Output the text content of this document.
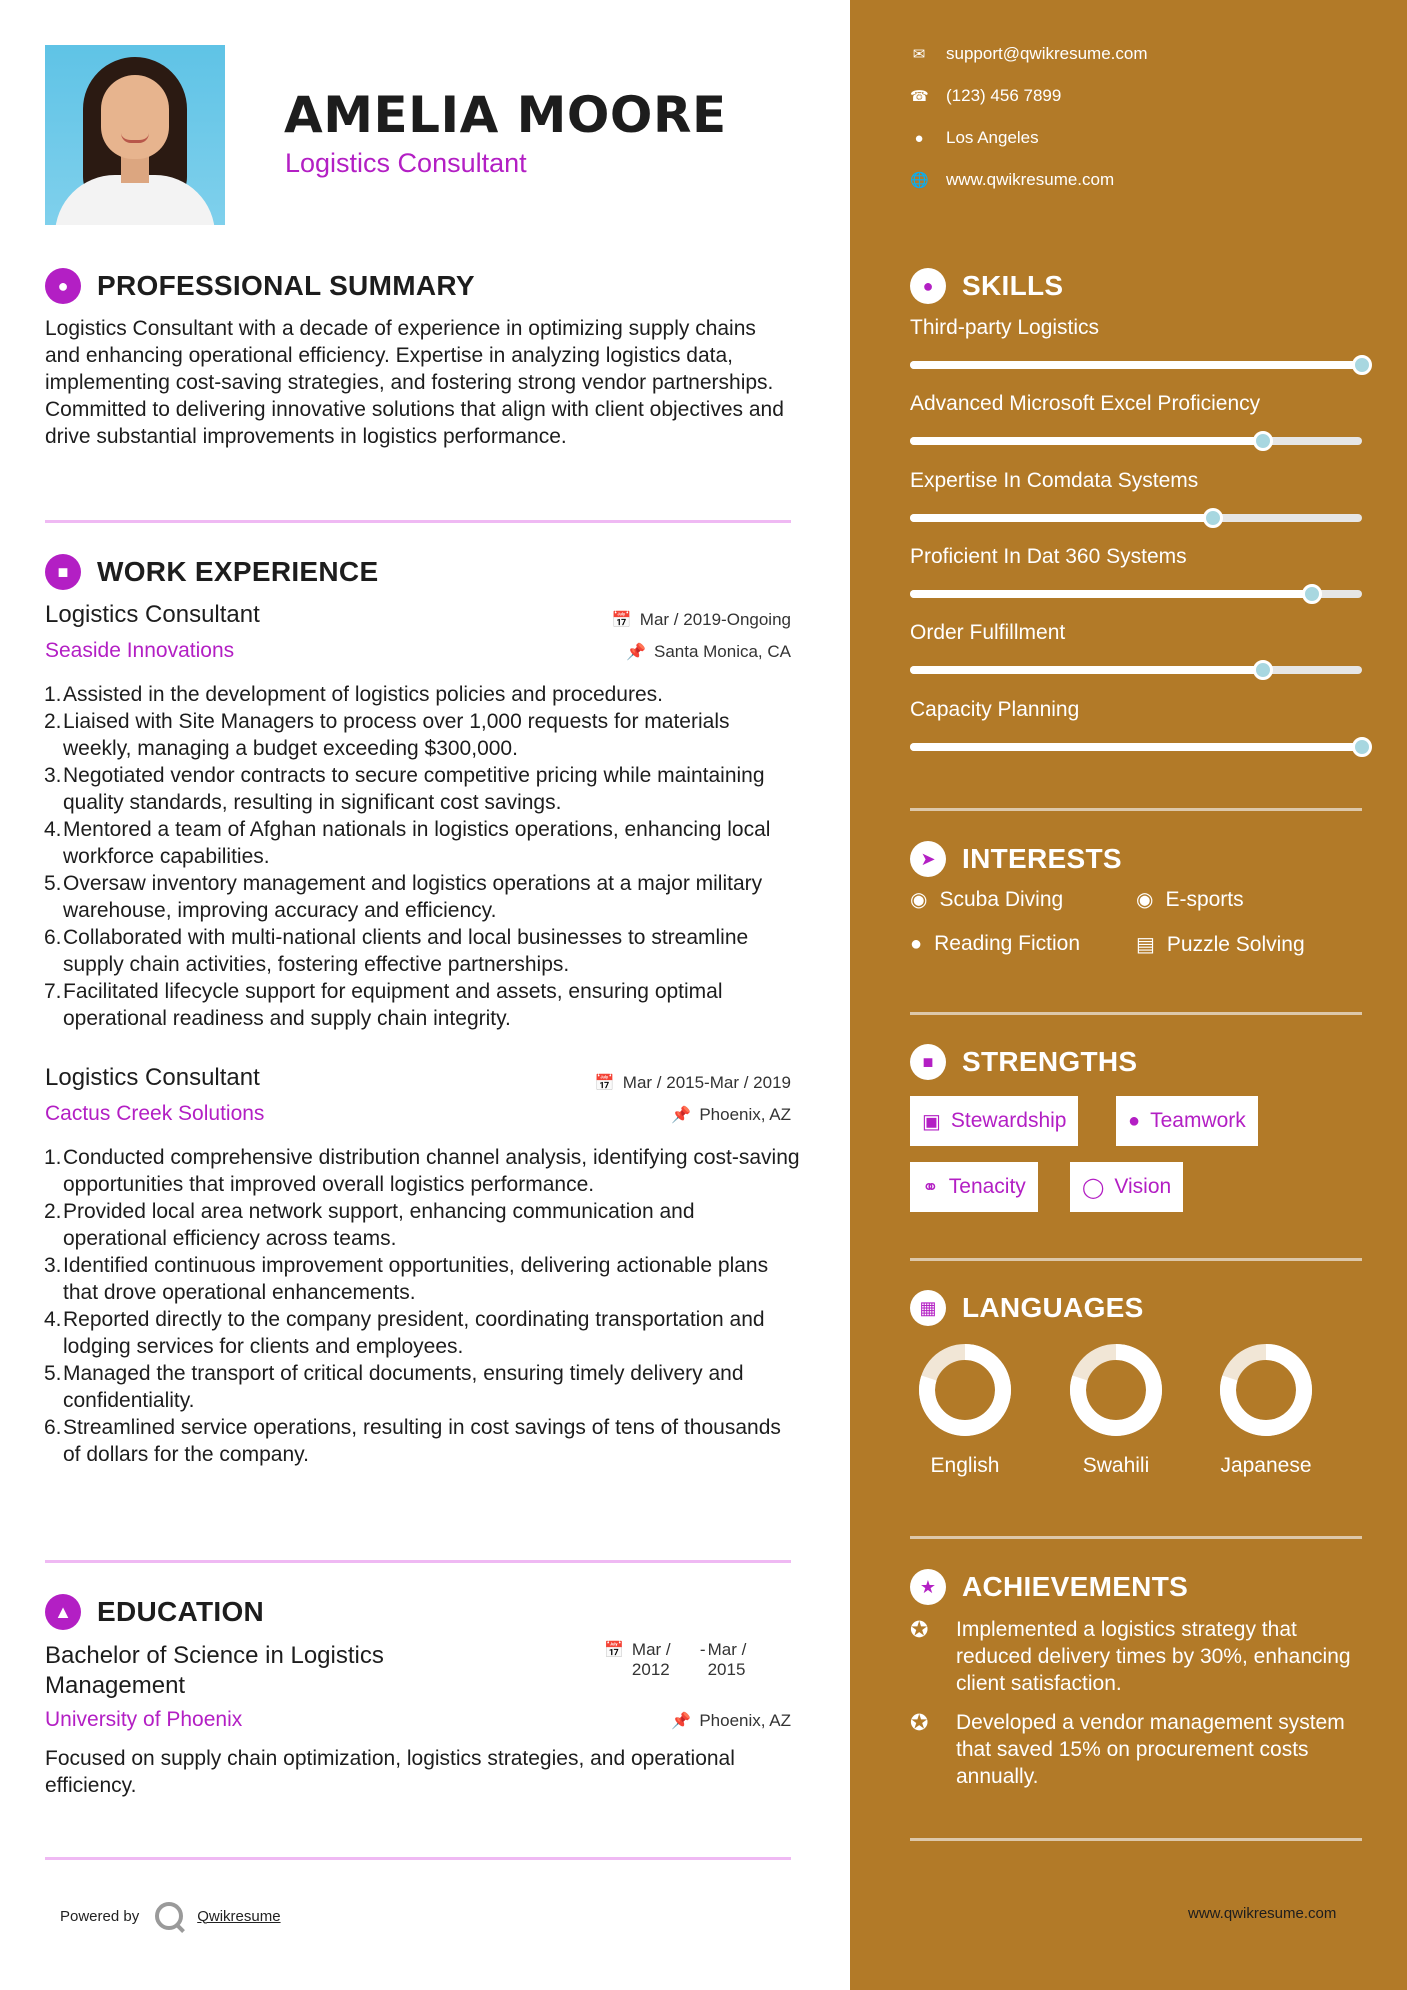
AMELIA MOORE
Logistics Consultant
●	PROFESSIONAL SUMMARY
Logistics Consultant with a decade of experience in optimizing supply chains and enhancing operational efficiency. Expertise in analyzing logistics data, implementing cost-saving strategies, and fostering strong vendor partnerships. Committed to delivering innovative solutions that align with client objectives and drive substantial improvements in logistics performance.
■	WORK EXPERIENCE
Logistics Consultant	📅 Mar / 2019-Ongoing
Seaside Innovations	📌 Santa Monica, CA
1. Assisted in the development of logistics policies and procedures.
2. Liaised with Site Managers to process over 1,000 requests for materials weekly, managing a budget exceeding $300,000.
3. Negotiated vendor contracts to secure competitive pricing while maintaining quality standards, resulting in significant cost savings.
4. Mentored a team of Afghan nationals in logistics operations, enhancing local workforce capabilities.
5. Oversaw inventory management and logistics operations at a major military warehouse, improving accuracy and efficiency.
6. Collaborated with multi-national clients and local businesses to streamline supply chain activities, fostering effective partnerships.
7. Facilitated lifecycle support for equipment and assets, ensuring optimal operational readiness and supply chain integrity.
Logistics Consultant	📅 Mar / 2015-Mar / 2019
Cactus Creek Solutions	📌 Phoenix, AZ
1. Conducted comprehensive distribution channel analysis, identifying cost-saving opportunities that improved overall logistics performance.
2. Provided local area network support, enhancing communication and operational efficiency across teams.
3. Identified continuous improvement opportunities, delivering actionable plans that drove operational enhancements.
4. Reported directly to the company president, coordinating transportation and lodging services for clients and employees.
5. Managed the transport of critical documents, ensuring timely delivery and confidentiality.
6. Streamlined service operations, resulting in cost savings of tens of thousands of dollars for the company.
▲ EDUCATION
Bachelor of Science in Logistics Management
📅 Mar / 2012
- Mar / 2015
University of Phoenix	📌 Phoenix, AZ
Focused on supply chain optimization, logistics strategies, and operational efficiency.
Powered by	Qwikresume
✉ support@qwikresume.com
☎ (123) 456 7899
● Los Angeles
🌐 www.qwikresume.com
●	SKILLS
Third-party Logistics
Advanced Microsoft Excel Proficiency
Expertise In Comdata Systems
Proficient In Dat 360 Systems
Order Fulfillment
Capacity Planning
➤ INTERESTS
◉ Scuba Diving	◉ E-sports
● Reading Fiction	▤ Puzzle Solving
■	STRENGTHS
▣ Stewardship	● Teamwork
⚭ Tenacity	◯ Vision
▦ LANGUAGES
English	Swahili	Japanese
★ ACHIEVEMENTS
✪	Implemented a logistics strategy that reduced delivery times by 30%, enhancing client satisfaction.
✪	Developed a vendor management system that saved 15% on procurement costs annually.
www.qwikresume.com
